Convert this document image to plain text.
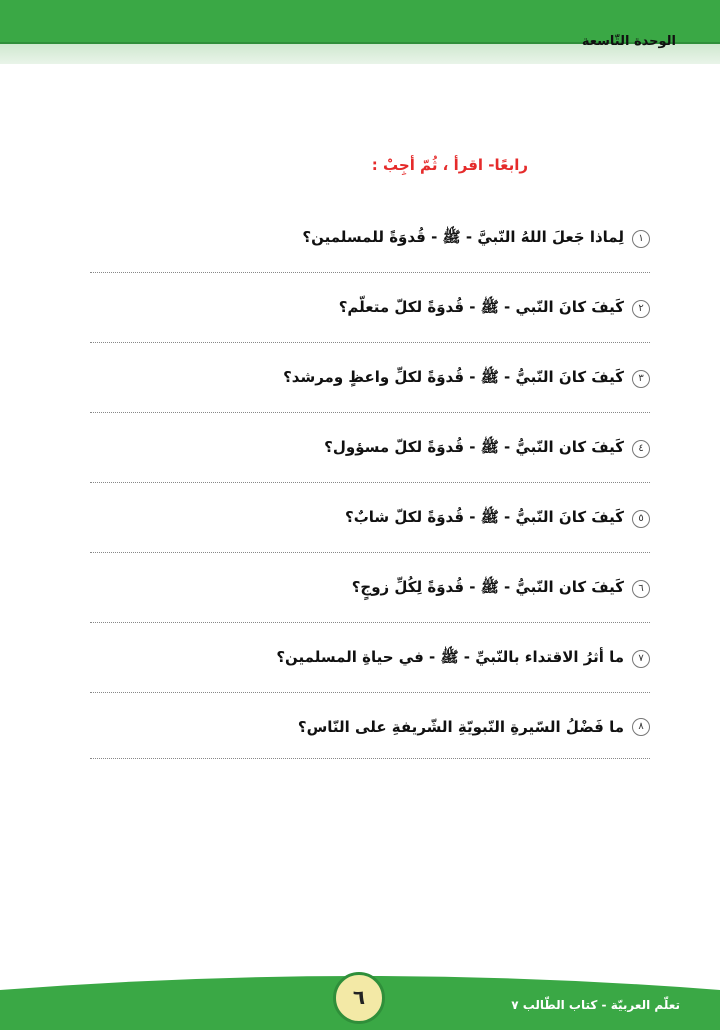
الوحدة التّاسعة
رابعًا- اقرأ ، ثُمّ أجِبْ :
١
لِماذا جَعلَ اللهُ النّبيَّ - ﷺ - قُدوَةً للمسلمين؟
٢
كَيفَ كانَ النّبي - ﷺ - قُدوَةً لكلّ متعلّم؟
٣
كَيفَ كانَ النّبيُّ - ﷺ - قُدوَةً لكلِّ واعظٍ ومرشد؟
٤
كَيفَ كان النّبيُّ - ﷺ - قُدوَةً لكلّ مسؤول؟
٥
كَيفَ كانَ النّبيُّ - ﷺ - قُدوَةً لكلّ شابٌ؟
٦
كَيفَ كان النّبيُّ - ﷺ - قُدوَةً لِكُلِّ زوجٍ؟
٧
ما أثرُ الاقتداء بالنّبيِّ - ﷺ - في حياةِ المسلمين؟
٨
ما فَضْلُ السّيرةِ النّبويّةِ الشّريفةِ على النّاس؟
٦	تعلّم العربيّة - كتاب الطّالب ٧
